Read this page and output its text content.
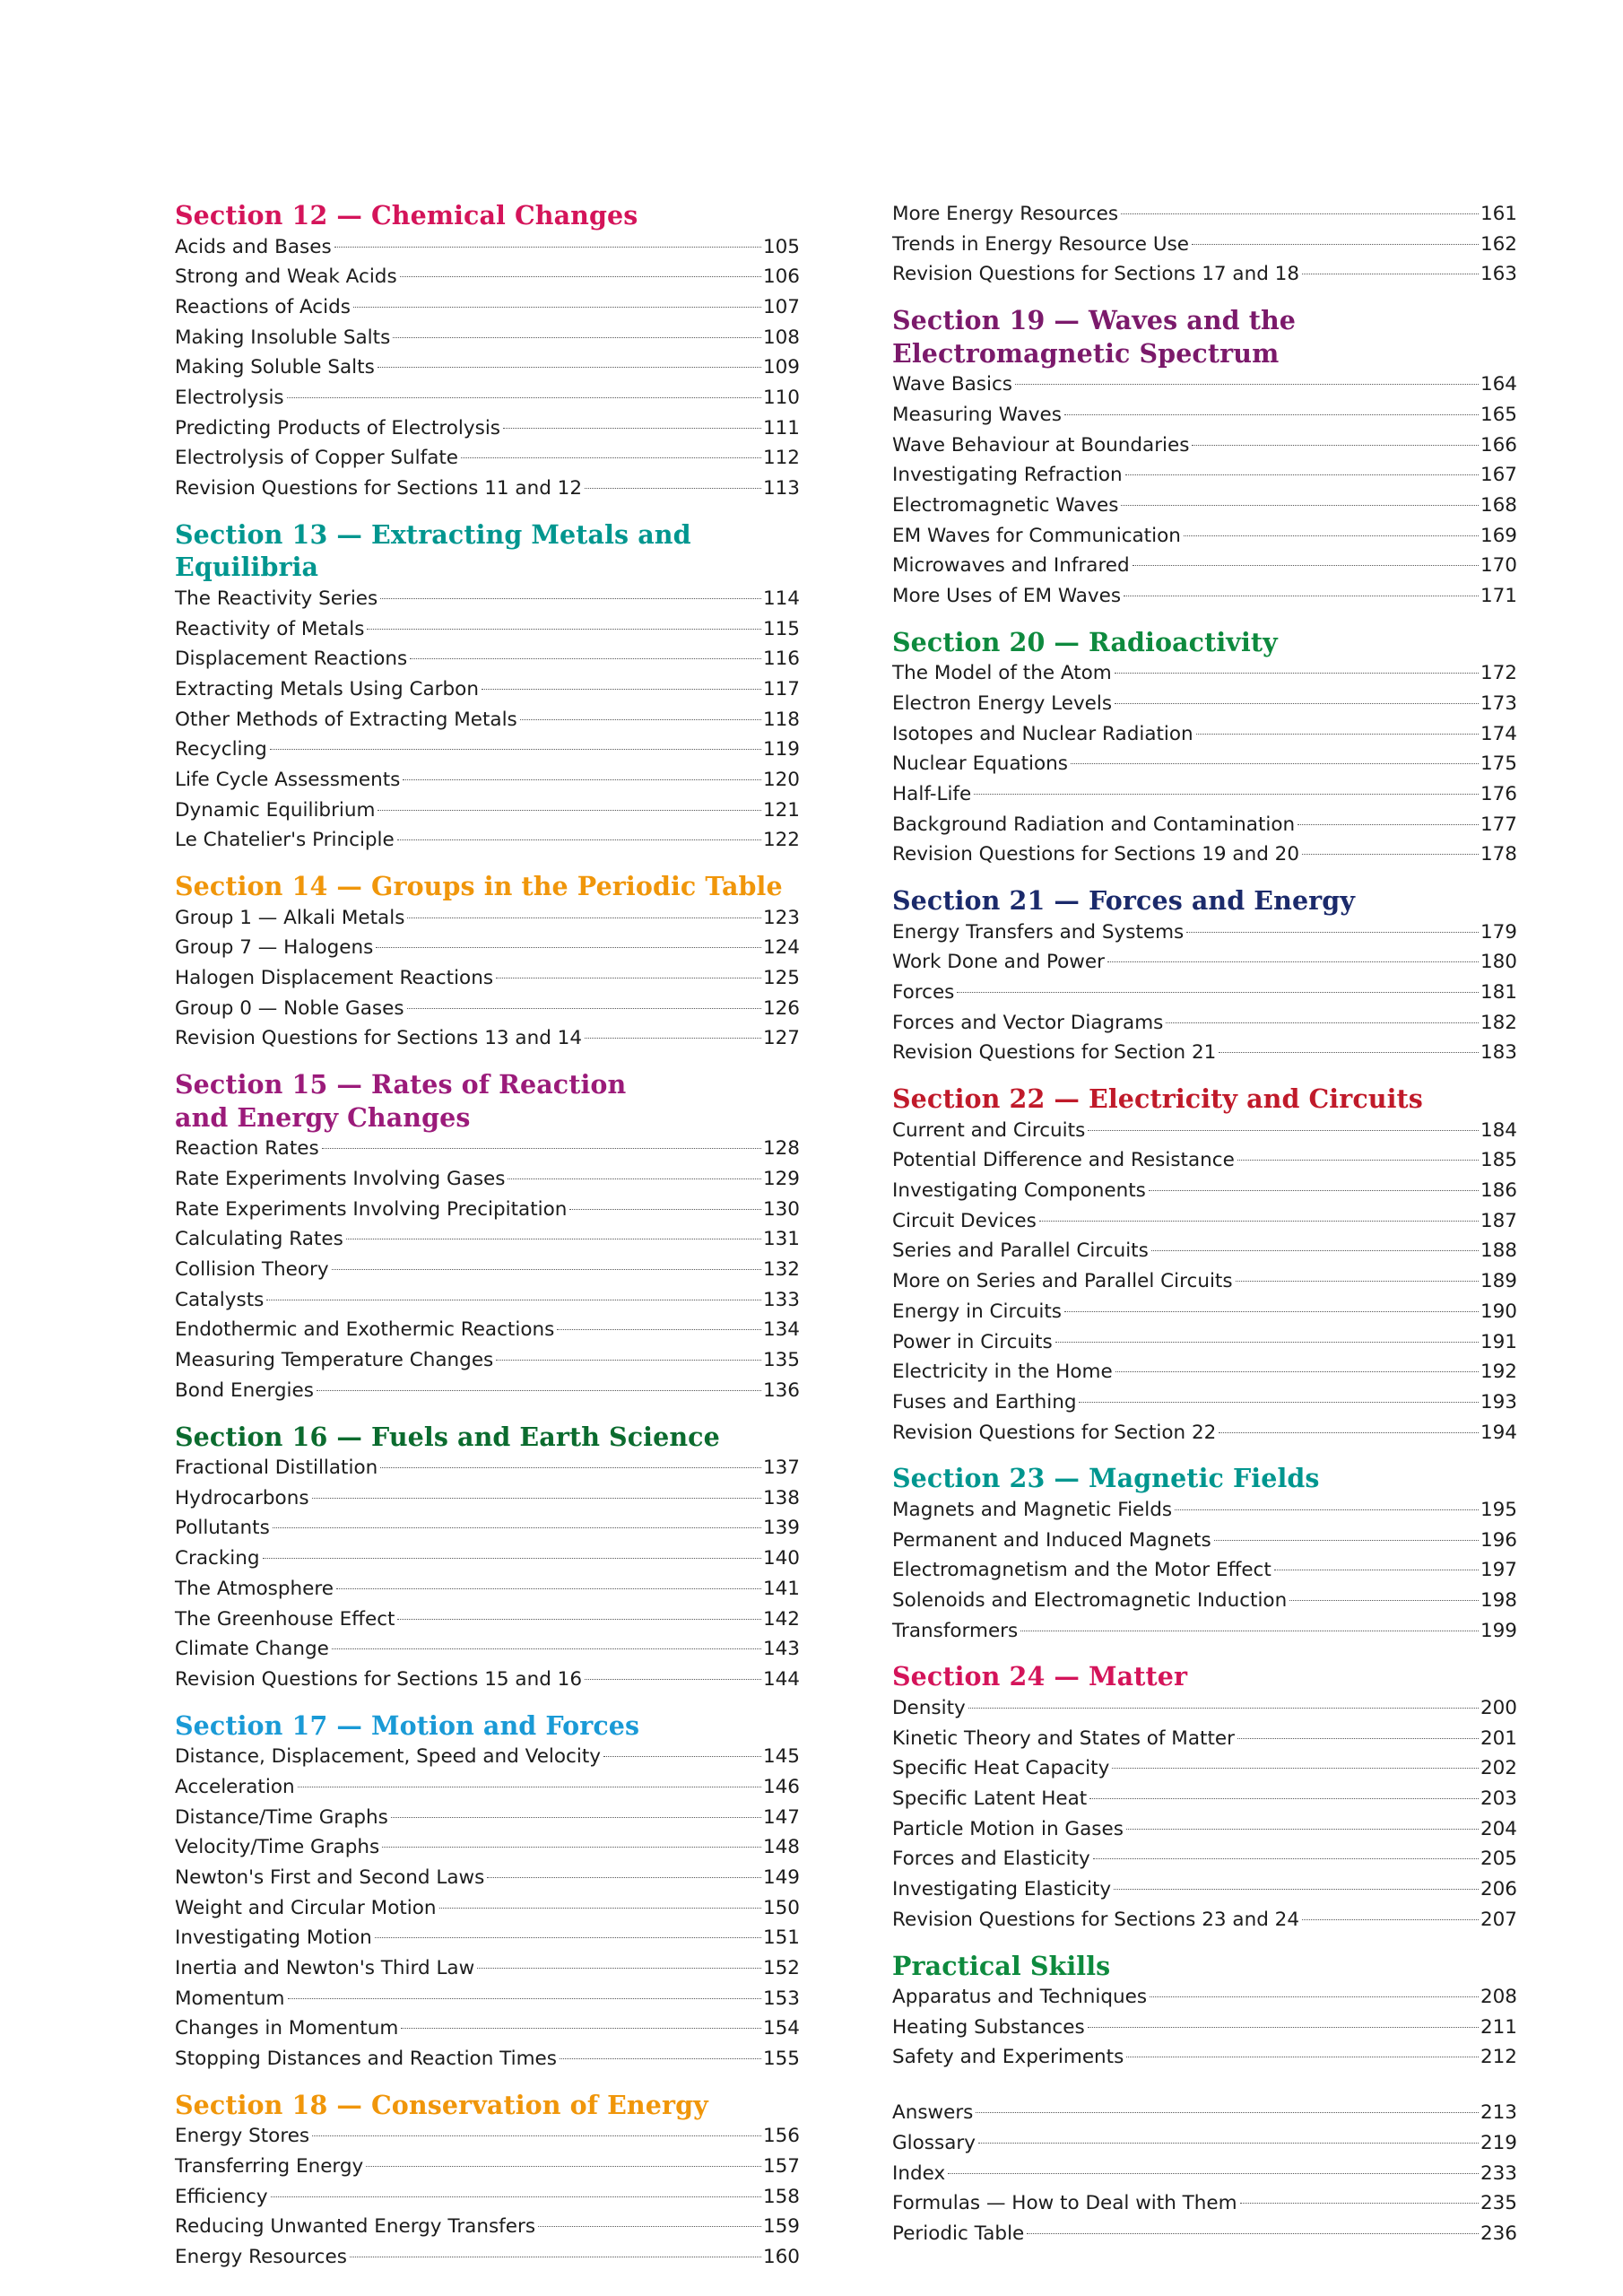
Section 12 — Chemical Changes
Acids and Bases	105
Strong and Weak Acids	106
Reactions of Acids	107
Making Insoluble Salts	108
Making Soluble Salts	109
Electrolysis	110
Predicting Products of Electrolysis	111
Electrolysis of Copper Sulfate	112
Revision Questions for Sections 11 and 12	113
Section 13 — Extracting Metals and Equilibria
The Reactivity Series	114
Reactivity of Metals	115
Displacement Reactions	116
Extracting Metals Using Carbon	117
Other Methods of Extracting Metals	118
Recycling	119
Life Cycle Assessments	120
Dynamic Equilibrium	121
Le Chatelier's Principle	122
Section 14 — Groups in the Periodic Table
Group 1 — Alkali Metals	123
Group 7 — Halogens	124
Halogen Displacement Reactions	125
Group 0 — Noble Gases	126
Revision Questions for Sections 13 and 14	127
Section 15 — Rates of Reaction
and Energy Changes
Reaction Rates	128
Rate Experiments Involving Gases	129
Rate Experiments Involving Precipitation	130
Calculating Rates	131
Collision Theory	132
Catalysts	133
Endothermic and Exothermic Reactions	134
Measuring Temperature Changes	135
Bond Energies	136
Section 16 — Fuels and Earth Science
Fractional Distillation	137
Hydrocarbons	138
Pollutants	139
Cracking	140
The Atmosphere	141
The Greenhouse Effect	142
Climate Change	143
Revision Questions for Sections 15 and 16	144
Section 17 — Motion and Forces
Distance, Displacement, Speed and Velocity	145
Acceleration	146
Distance/Time Graphs	147
Velocity/Time Graphs	148
Newton's First and Second Laws	149
Weight and Circular Motion	150
Investigating Motion	151
Inertia and Newton's Third Law	152
Momentum	153
Changes in Momentum	154
Stopping Distances and Reaction Times	155
Section 18 — Conservation of Energy
Energy Stores	156
Transferring Energy	157
Efficiency	158
Reducing Unwanted Energy Transfers	159
Energy Resources	160
More Energy Resources	161
Trends in Energy Resource Use	162
Revision Questions for Sections 17 and 18	163
Section 19 — Waves and the
Electromagnetic Spectrum
Wave Basics	164
Measuring Waves	165
Wave Behaviour at Boundaries	166
Investigating Refraction	167
Electromagnetic Waves	168
EM Waves for Communication	169
Microwaves and Infrared	170
More Uses of EM Waves	171
Section 20 — Radioactivity
The Model of the Atom	172
Electron Energy Levels	173
Isotopes and Nuclear Radiation	174
Nuclear Equations	175
Half-Life	176
Background Radiation and Contamination	177
Revision Questions for Sections 19 and 20	178
Section 21 — Forces and Energy
Energy Transfers and Systems	179
Work Done and Power	180
Forces	181
Forces and Vector Diagrams	182
Revision Questions for Section 21	183
Section 22 — Electricity and Circuits
Current and Circuits	184
Potential Difference and Resistance	185
Investigating Components	186
Circuit Devices	187
Series and Parallel Circuits	188
More on Series and Parallel Circuits	189
Energy in Circuits	190
Power in Circuits	191
Electricity in the Home	192
Fuses and Earthing	193
Revision Questions for Section 22	194
Section 23 — Magnetic Fields
Magnets and Magnetic Fields	195
Permanent and Induced Magnets	196
Electromagnetism and the Motor Effect	197
Solenoids and Electromagnetic Induction	198
Transformers	199
Section 24 — Matter
Density	200
Kinetic Theory and States of Matter	201
Specific Heat Capacity	202
Specific Latent Heat	203
Particle Motion in Gases	204
Forces and Elasticity	205
Investigating Elasticity	206
Revision Questions for Sections 23 and 24	207
Practical Skills
Apparatus and Techniques	208
Heating Substances	211
Safety and Experiments	212
Answers	213
Glossary	219
Index	233
Formulas — How to Deal with Them	235
Periodic Table	236
